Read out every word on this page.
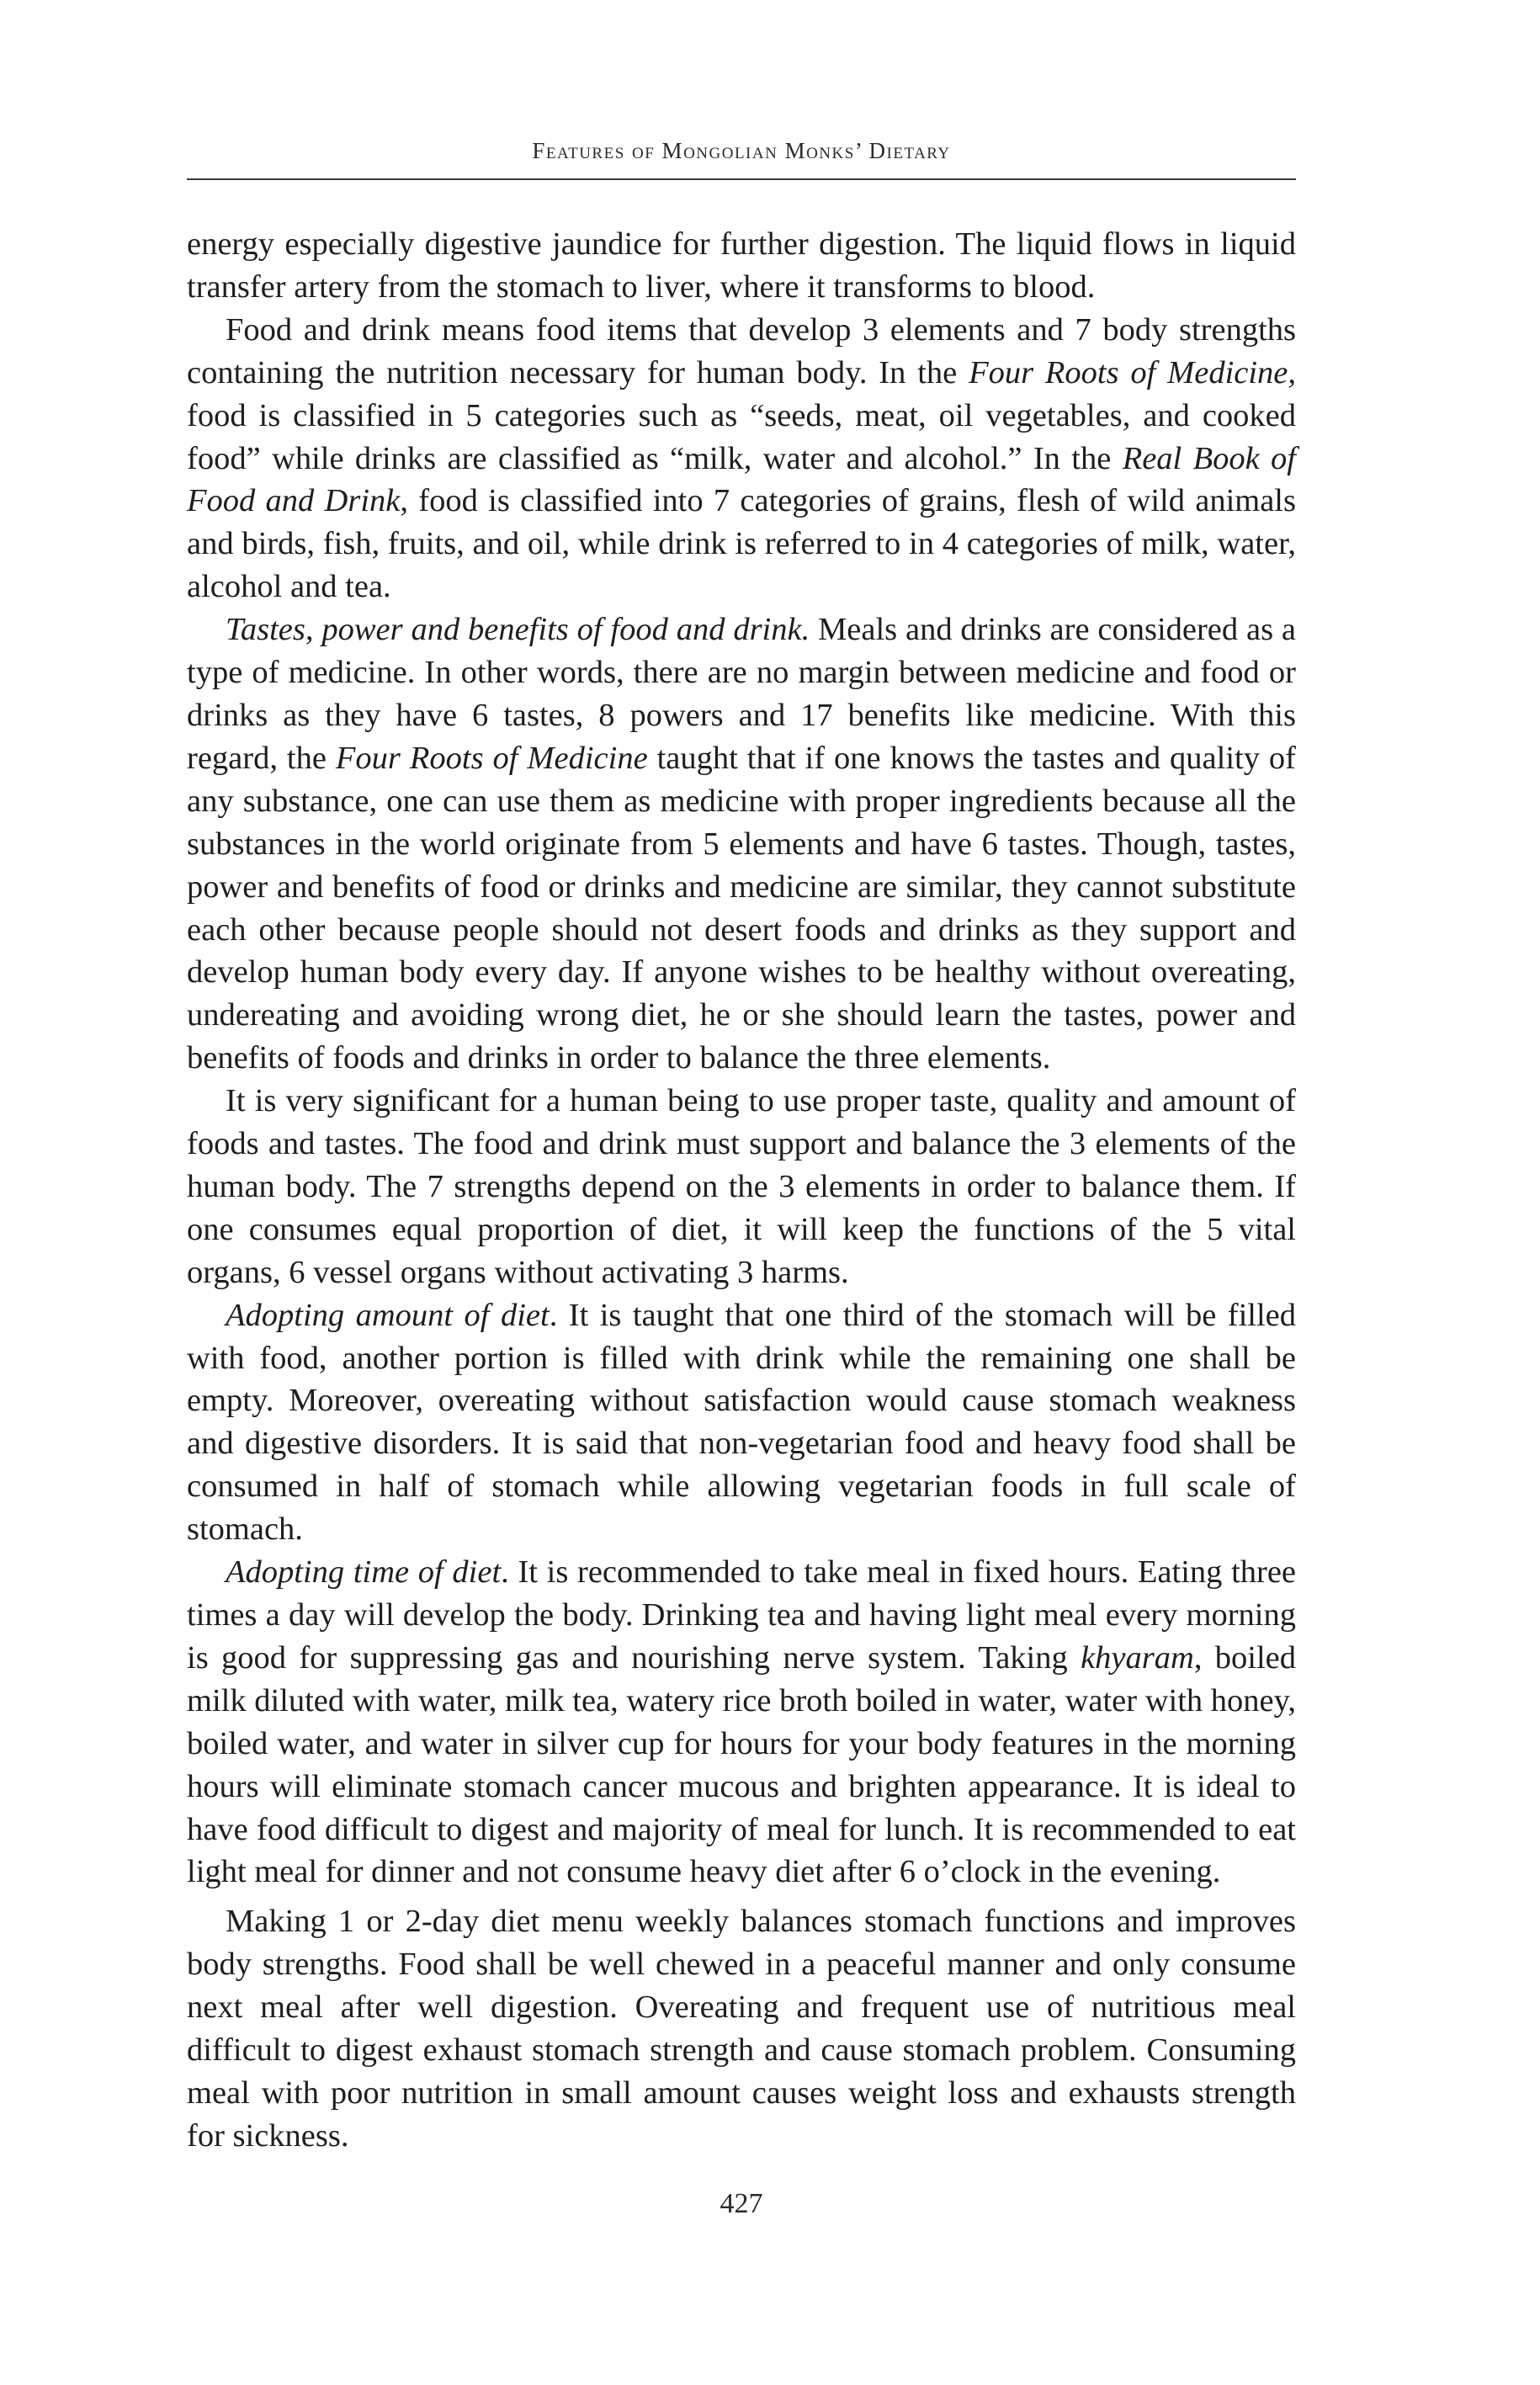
Features of Mongolian Monks’ Dietary

energy especially digestive jaundice for further digestion. The liquid flows in liquid transfer artery from the stomach to liver, where it transforms to blood.

Food and drink means food items that develop 3 elements and 7 body strengths containing the nutrition necessary for human body. In the Four Roots of Medicine, food is classified in 5 categories such as “seeds, meat, oil vegetables, and cooked food” while drinks are classified as “milk, water and alcohol.” In the Real Book of Food and Drink, food is classified into 7 categories of grains, flesh of wild animals and birds, fish, fruits, and oil, while drink is referred to in 4 categories of milk, water, alcohol and tea.

Tastes, power and benefits of food and drink. Meals and drinks are considered as a type of medicine. In other words, there are no margin between medicine and food or drinks as they have 6 tastes, 8 powers and 17 benefits like medicine. With this regard, the Four Roots of Medicine taught that if one knows the tastes and quality of any substance, one can use them as medicine with proper ingredients because all the substances in the world originate from 5 elements and have 6 tastes. Though, tastes, power and benefits of food or drinks and medicine are similar, they cannot substitute each other because people should not desert foods and drinks as they support and develop human body every day. If anyone wishes to be healthy without overeating, undereating and avoiding wrong diet, he or she should learn the tastes, power and benefits of foods and drinks in order to balance the three elements.

It is very significant for a human being to use proper taste, quality and amount of foods and tastes. The food and drink must support and balance the 3 elements of the human body. The 7 strengths depend on the 3 elements in order to balance them. If one consumes equal proportion of diet, it will keep the functions of the 5 vital organs, 6 vessel organs without activating 3 harms.

Adopting amount of diet. It is taught that one third of the stomach will be filled with food, another portion is filled with drink while the remaining one shall be empty. Moreover, overeating without satisfaction would cause stomach weakness and digestive disorders. It is said that non-vegetarian food and heavy food shall be consumed in half of stomach while allowing vegetarian foods in full scale of stomach.

Adopting time of diet. It is recommended to take meal in fixed hours. Eating three times a day will develop the body. Drinking tea and having light meal every morning is good for suppressing gas and nourishing nerve system. Taking khyaram, boiled milk diluted with water, milk tea, watery rice broth boiled in water, water with honey, boiled water, and water in silver cup for hours for your body features in the morning hours will eliminate stomach cancer mucous and brighten appearance. It is ideal to have food difficult to digest and majority of meal for lunch. It is recommended to eat light meal for dinner and not consume heavy diet after 6 o’clock in the evening.

Making 1 or 2-day diet menu weekly balances stomach functions and improves body strengths. Food shall be well chewed in a peaceful manner and only consume next meal after well digestion. Overeating and frequent use of nutritious meal difficult to digest exhaust stomach strength and cause stomach problem. Consuming meal with poor nutrition in small amount causes weight loss and exhausts strength for sickness.

427
